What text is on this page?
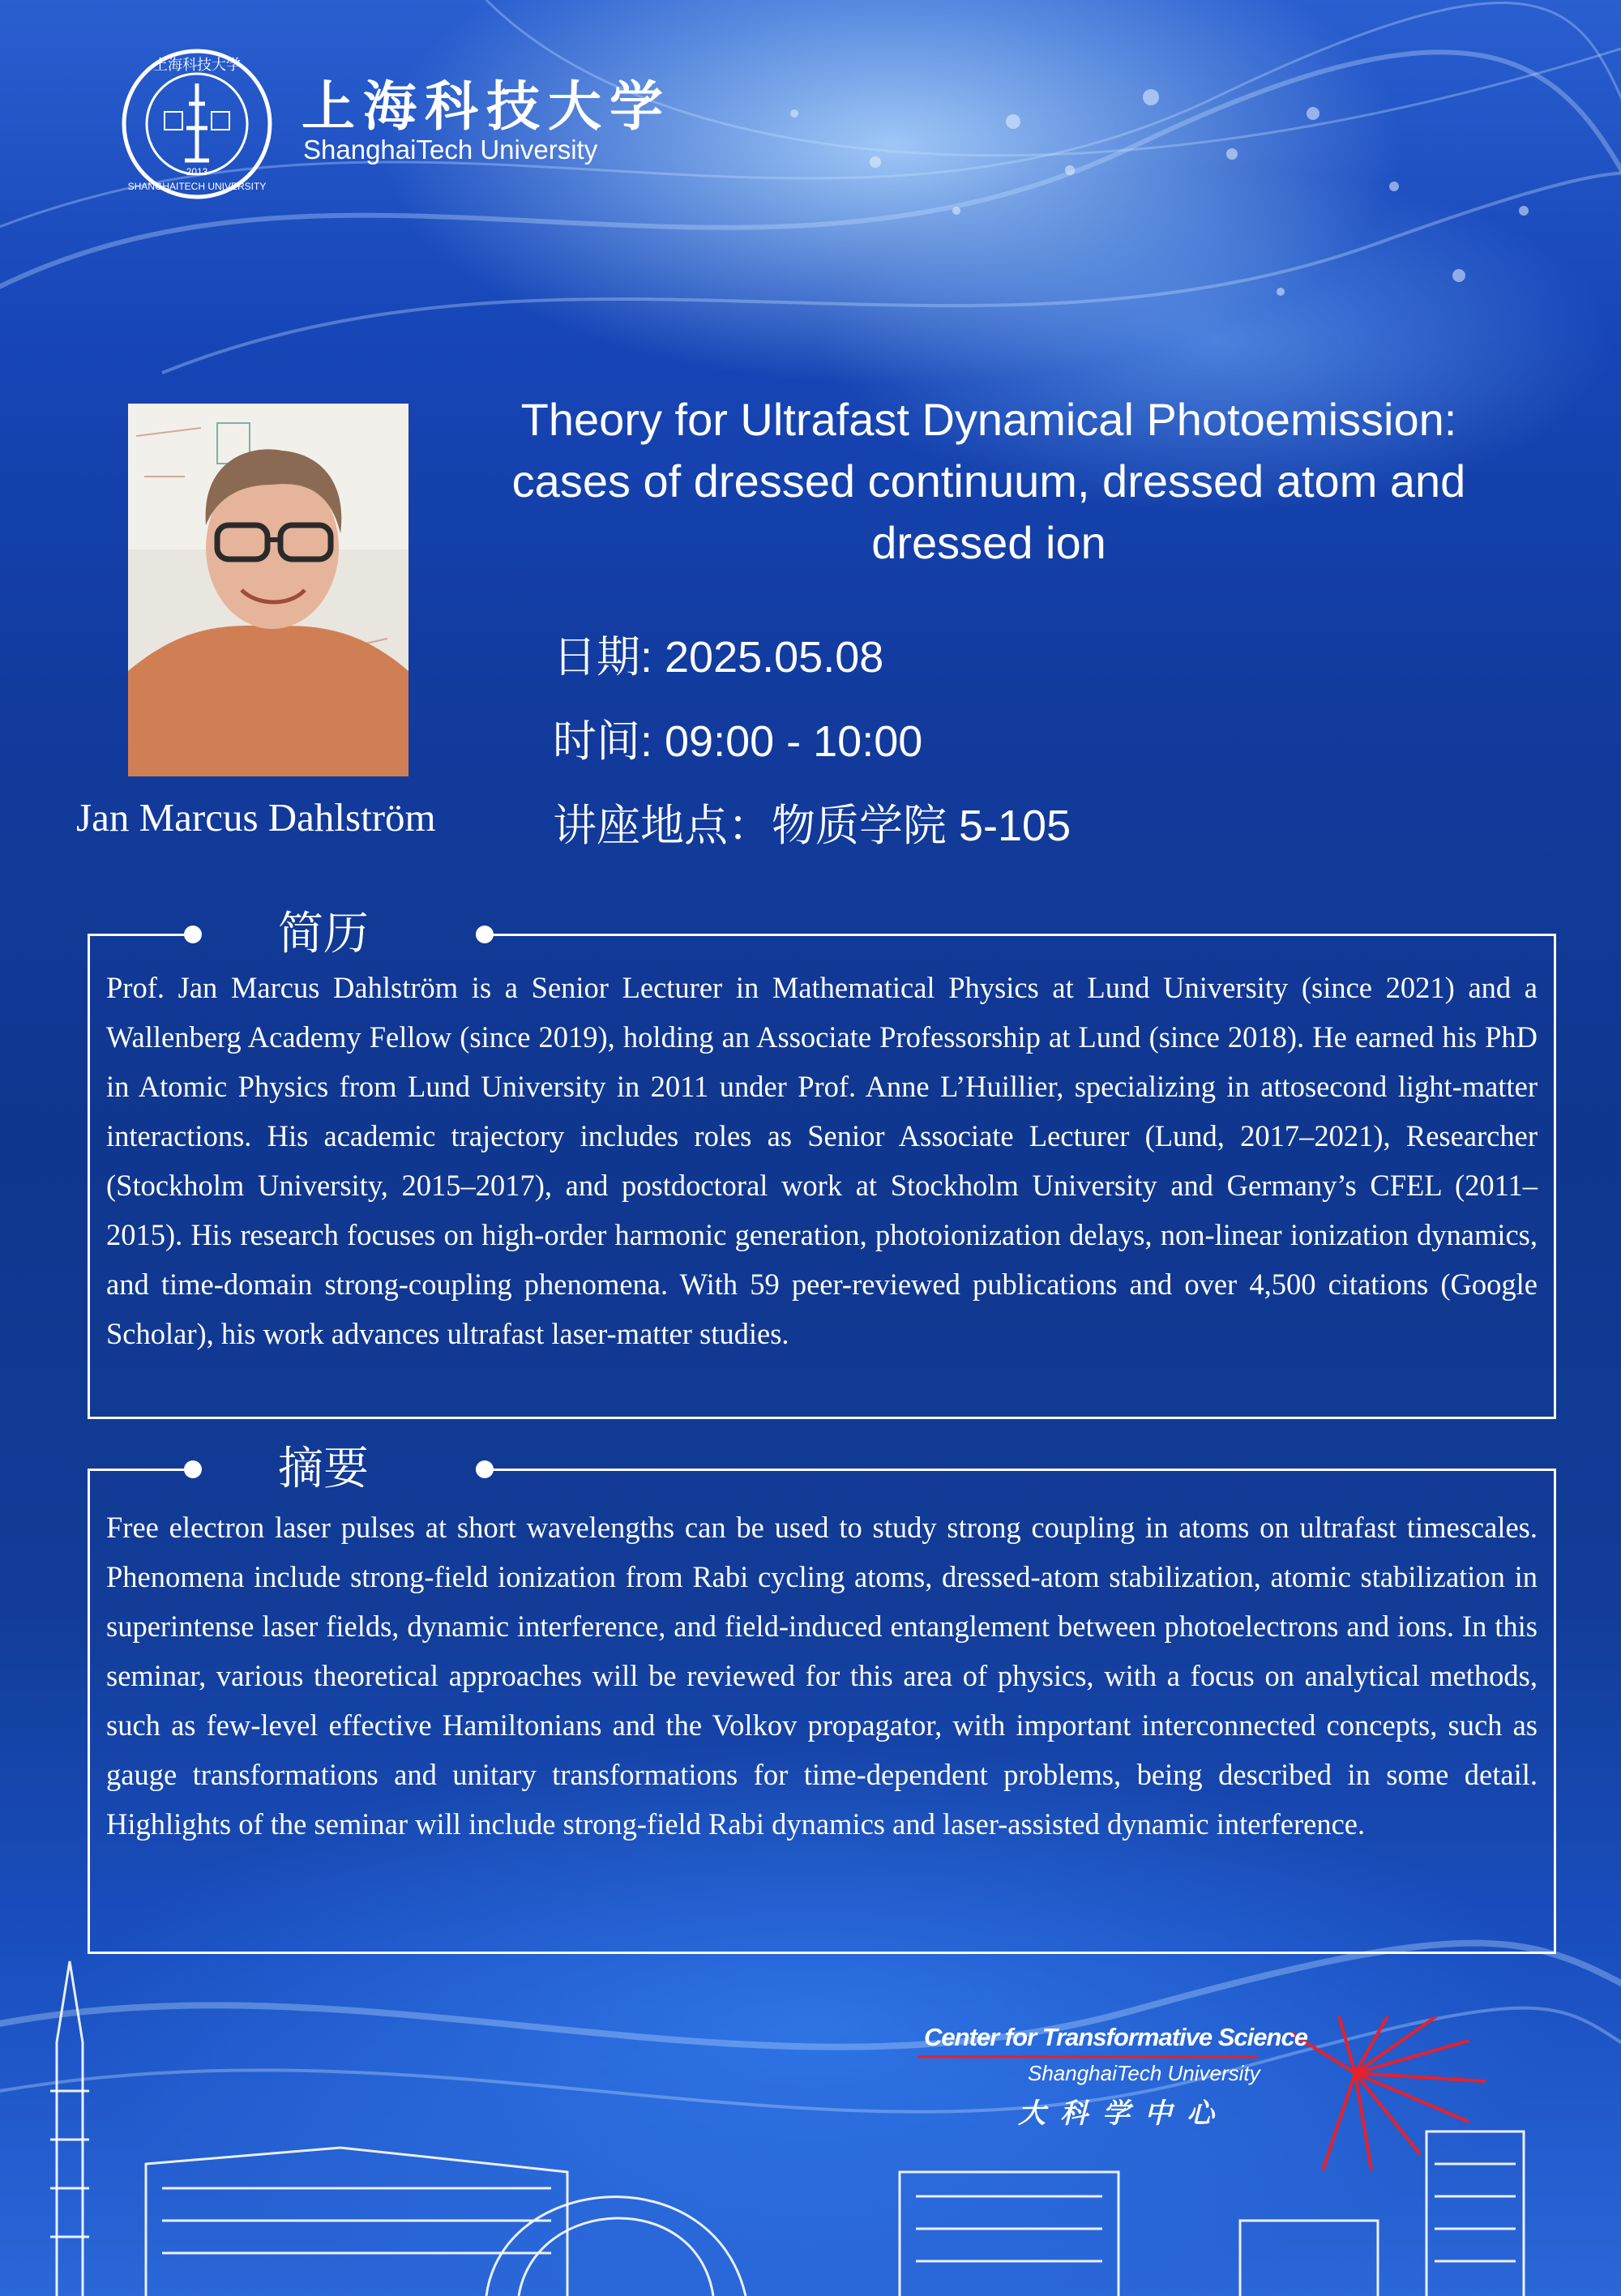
上海科技大学
SHANGHAITECH UNIVERSITY
2013
上海科技大学
ShanghaiTech University
Jan Marcus Dahlström
Theory for Ultrafast Dynamical Photoemission:
cases of dressed continuum, dressed atom and
dressed ion
日期: 2025.05.08
时间: 09:00 - 10:00
讲座地点：物质学院 5-105
简历
Prof. Jan Marcus Dahlström is a Senior Lecturer in Mathematical Physics at Lund University (since 2021) and a Wallenberg Academy Fellow (since 2019), holding an Associate Professorship at Lund (since 2018). He earned his PhD in Atomic Physics from Lund University in 2011 under Prof. Anne L’Huillier, specializing in attosecond light-matter interactions. His academic trajectory includes roles as Senior Associate Lecturer (Lund, 2017–2021), Researcher (Stockholm University, 2015–2017), and postdoctoral work at Stockholm University and Germany’s CFEL (2011–2015). His research focuses on high-order harmonic generation, photoionization delays, non-linear ionization dynamics, and time-domain strong-coupling phenomena. With 59 peer-reviewed publications and over 4,500 citations (Google Scholar), his work advances ultrafast laser-matter studies.
摘要
Free electron laser pulses at short wavelengths can be used to study strong coupling in atoms on ultrafast timescales. Phenomena include strong-field ionization from Rabi cycling atoms, dressed-atom stabilization, atomic stabilization in superintense laser fields, dynamic interference, and field-induced entanglement between photoelectrons and ions. In this seminar, various theoretical approaches will be reviewed for this area of physics, with a focus on analytical methods, such as few-level effective Hamiltonians and the Volkov propagator, with important interconnected concepts, such as gauge transformations and unitary transformations for time-dependent problems, being described in some detail. Highlights of the seminar will include strong-field Rabi dynamics and laser-assisted dynamic interference.
Center for Transformative Science
ShanghaiTech University
大科学中心
